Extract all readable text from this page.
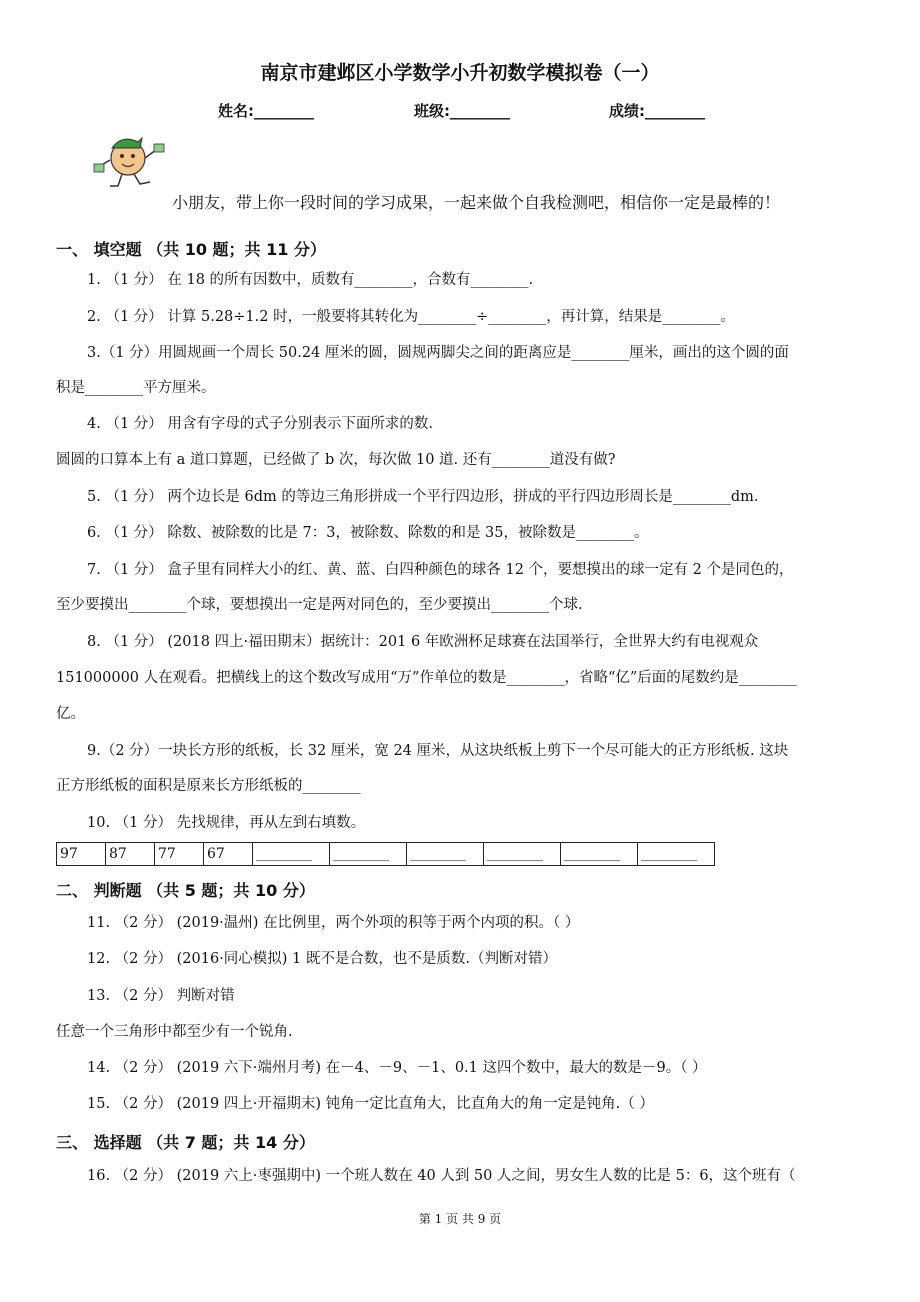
南京市建邺区小学数学小升初数学模拟卷（一）
姓名:________	班级:________	成绩:________
小朋友，带上你一段时间的学习成果，一起来做个自我检测吧，相信你一定是最棒的！
一、 填空题 （共 10 题；共 11 分）
1. （1 分） 在 18 的所有因数中，质数有________，合数有________.
2. （1 分） 计算 5.28÷1.2 时，一般要将其转化为________÷________，再计算，结果是________。
3.（1 分）用圆规画一个周长 50.24 厘米的圆，圆规两脚尖之间的距离应是________厘米，画出的这个圆的面
积是________平方厘米。
4. （1 分） 用含有字母的式子分别表示下面所求的数.
圆圆的口算本上有 a 道口算题，已经做了 b 次，每次做 10 道. 还有________道没有做?
5. （1 分） 两个边长是 6dm 的等边三角形拼成一个平行四边形，拼成的平行四边形周长是________dm.
6. （1 分） 除数、被除数的比是 7：3，被除数、除数的和是 35，被除数是________。
7. （1 分） 盒子里有同样大小的红、黄、蓝、白四种颜色的球各 12 个，要想摸出的球一定有 2 个是同色的，
至少要摸出________个球，要想摸出一定是两对同色的，至少要摸出________个球.
8. （1 分） (2018 四上·福田期末）据统计：201 6 年欧洲杯足球赛在法国举行，全世界大约有电视观众
151000000 人在观看。把横线上的这个数改写成用“万”作单位的数是________，省略“亿”后面的尾数约是________
亿。
9.（2 分）一块长方形的纸板，长 32 厘米，宽 24 厘米，从这块纸板上剪下一个尽可能大的正方形纸板. 这块
正方形纸板的面积是原来长方形纸板的________
10. （1 分） 先找规律，再从左到右填数。
97	87	77	67	________	________	________	________	________	________
二、 判断题 （共 5 题；共 10 分）
11. （2 分） (2019·温州) 在比例里，两个外项的积等于两个内项的积。（ ）
12. （2 分） (2016·同心模拟) 1 既不是合数，也不是质数.（判断对错）
13. （2 分） 判断对错
任意一个三角形中都至少有一个锐角.
14. （2 分） (2019 六下·端州月考) 在－4、－9、－1、0.1 这四个数中，最大的数是－9。（ ）
15. （2 分） (2019 四上·开福期末) 钝角一定比直角大，比直角大的角一定是钝角.（ ）
三、 选择题 （共 7 题；共 14 分）
16. （2 分） (2019 六上·枣强期中) 一个班人数在 40 人到 50 人之间，男女生人数的比是 5：6，这个班有（
第 1 页 共 9 页
